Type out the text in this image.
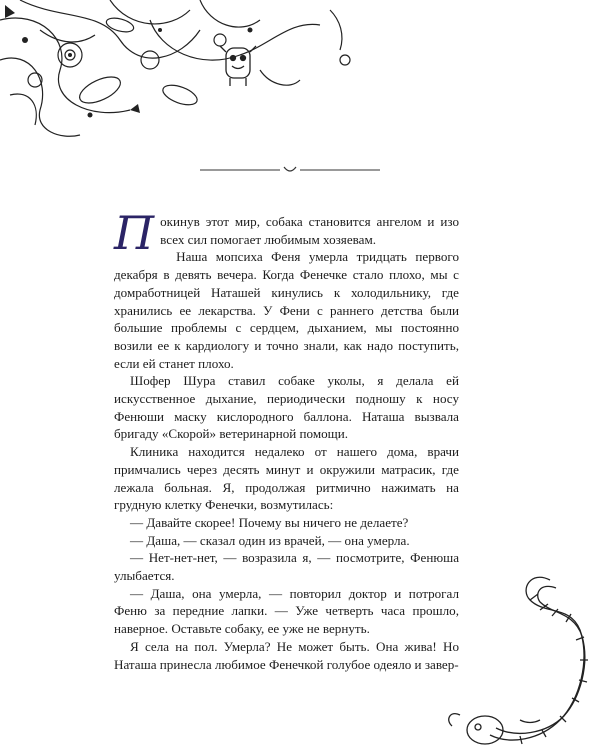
Покинув этот мир, собака становится ангелом и изо всех сил помогает любимым хозяевам.

Наша мопсиха Феня умерла тридцать первого декабря в девять вечера. Когда Фенечке стало плохо, мы с домработницей Наташей кинулись к холодильнику, где хранились ее лекарства. У Фени с раннего детства были большие проблемы с сердцем, дыханием, мы постоянно возили ее к кардиологу и точно знали, как надо поступить, если ей станет плохо.

Шофер Шура ставил собаке уколы, я делала ей искусственное дыхание, периодически подношу к носу Фенюши маску кислородного баллона. Наташа вызвала бригаду «Скорой» ветеринарной помощи.

Клиника находится недалеко от нашего дома, врачи примчались через десять минут и окружили матрасик, где лежала больная. Я, продолжая ритмично нажимать на грудную клетку Фенечки, возмутилась:

— Давайте скорее! Почему вы ничего не делаете?

— Даша, — сказал один из врачей, — она умерла.

— Нет-нет-нет, — возразила я, — посмотрите, Фенюша улыбается.

— Даша, она умерла, — повторил доктор и потрогал Феню за передние лапки. — Уже четверть часа прошло, наверное. Оставьте собаку, ее уже не вернуть.

Я села на пол. Умерла? Не может быть. Она жива! Но Наташа принесла любимое Фенечкой голубое одеяло и завер-
